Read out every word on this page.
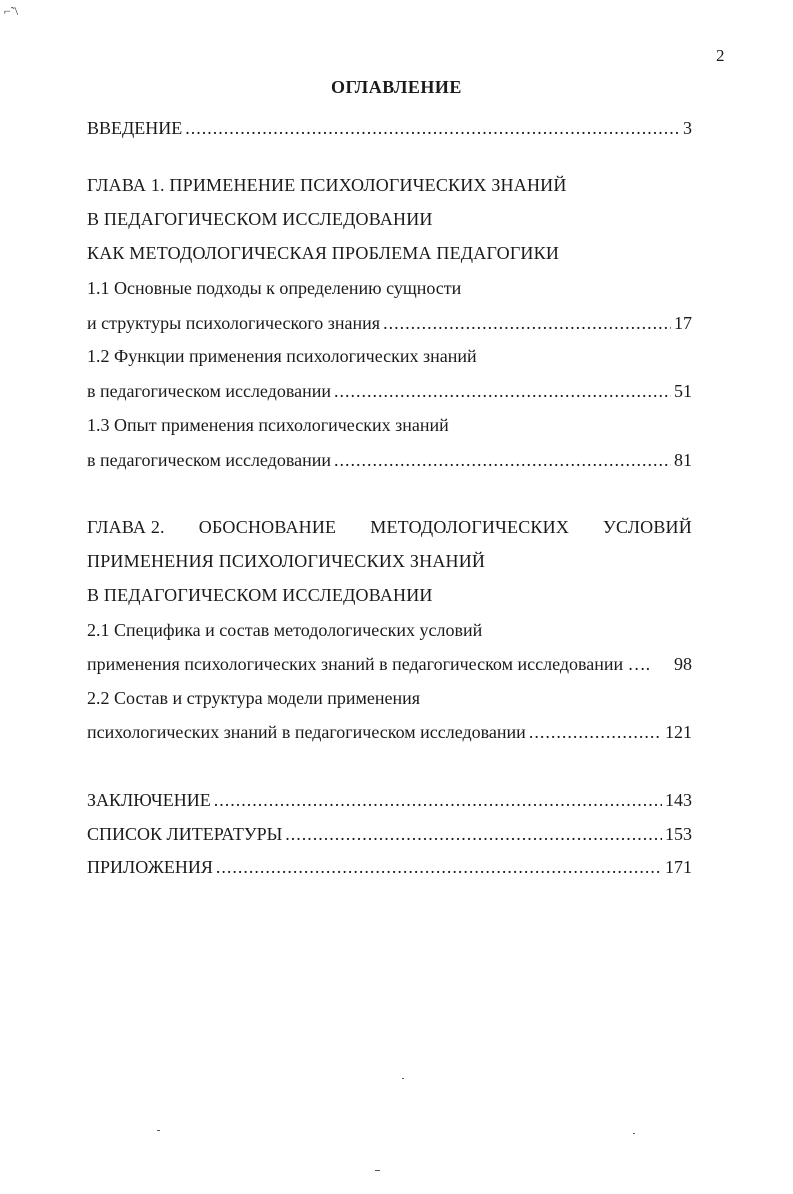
⌐˜\
2
ОГЛАВЛЕНИЕ
ВВЕДЕНИЕ .....	3
ГЛАВА 1. ПРИМЕНЕНИЕ ПСИХОЛОГИЧЕСКИХ ЗНАНИЙ
В ПЕДАГОГИЧЕСКОМ ИССЛЕДОВАНИИ
КАК МЕТОДОЛОГИЧЕСКАЯ ПРОБЛЕМА ПЕДАГОГИКИ
1.1 Основные подходы к определению сущности
и структуры психологического знания .....	17
1.2 Функции применения психологических знаний
в педагогическом исследовании .....	51
1.3 Опыт применения психологических знаний
в педагогическом исследовании .....	81
ГЛАВА 2. ОБОСНОВАНИЕ МЕТОДОЛОГИЧЕСКИХ УСЛОВИЙ
ПРИМЕНЕНИЯ ПСИХОЛОГИЧЕСКИХ ЗНАНИЙ
В ПЕДАГОГИЧЕСКОМ ИССЛЕДОВАНИИ
2.1 Специфика и состав методологических условий
применения психологических знаний в педагогическом исследовании …. 98
2.2 Состав и структура модели применения
психологических знаний в педагогическом исследовании .....	121
ЗАКЛЮЧЕНИЕ .....	143
СПИСОК ЛИТЕРАТУРЫ .....	153
ПРИЛОЖЕНИЯ .....	171
